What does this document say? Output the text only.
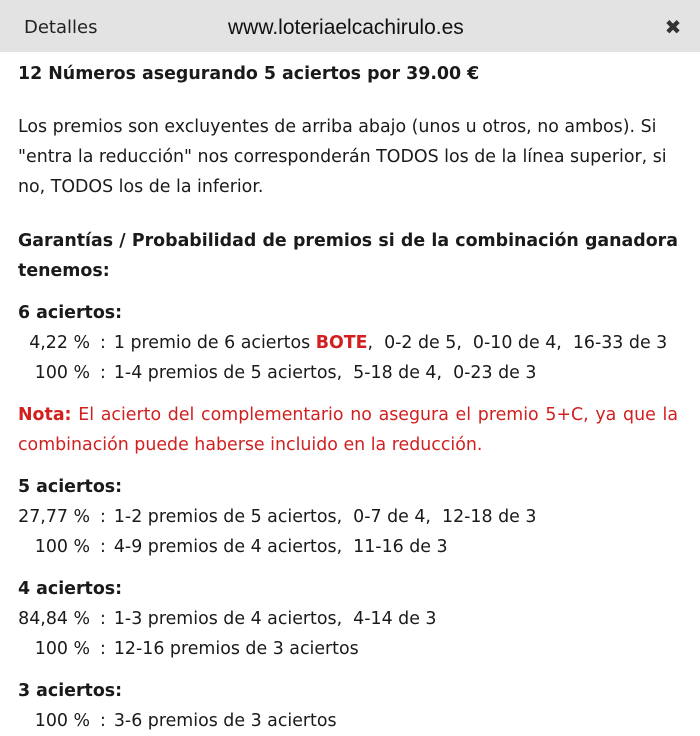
Detalles	www.loteriaelcachirulo.es	✖
12 Números asegurando 5 aciertos por 39.00 €
Los premios son excluyentes de arriba abajo (unos u otros, no ambos). Si "entra la reducción" nos corresponderán TODOS los de la línea superior, si no, TODOS los de la inferior.
Garantías / Probabilidad de premios si de la combinación ganadora tenemos:
6 aciertos:
4,22 % : 1 premio de 6 aciertos BOTE,  0-2 de 5,  0-10 de 4,  16-33 de 3
100 % : 1-4 premios de 5 aciertos,  5-18 de 4,  0-23 de 3
Nota: El acierto del complementario no asegura el premio 5+C, ya que la combinación puede haberse incluido en la reducción.
5 aciertos:
27,77 % : 1-2 premios de 5 aciertos,  0-7 de 4,  12-18 de 3
100 % : 4-9 premios de 4 aciertos,  11-16 de 3
4 aciertos:
84,84 % : 1-3 premios de 4 aciertos,  4-14 de 3
100 % : 12-16 premios de 3 aciertos
3 aciertos:
100 % : 3-6 premios de 3 aciertos
